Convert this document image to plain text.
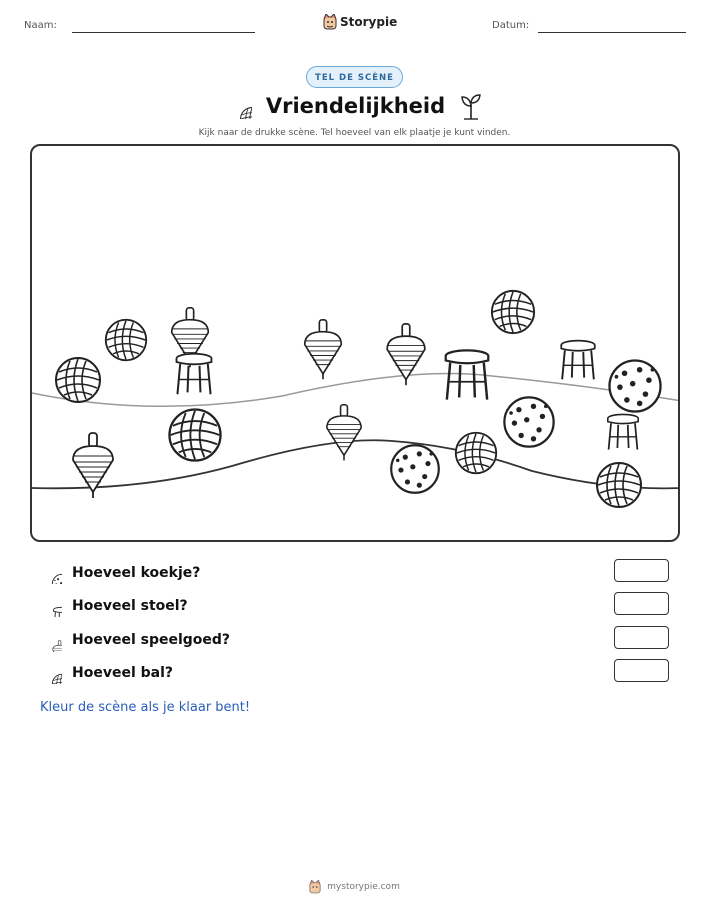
Naam:	Storypie	Datum:
TEL DE SCÈNE
Vriendelijkheid
Kijk naar de drukke scène. Tel hoeveel van elk plaatje je kunt vinden.
Hoeveel koekje?
Hoeveel stoel?
Hoeveel speelgoed?
Hoeveel bal?
Kleur de scène als je klaar bent!
mystorypie.com
